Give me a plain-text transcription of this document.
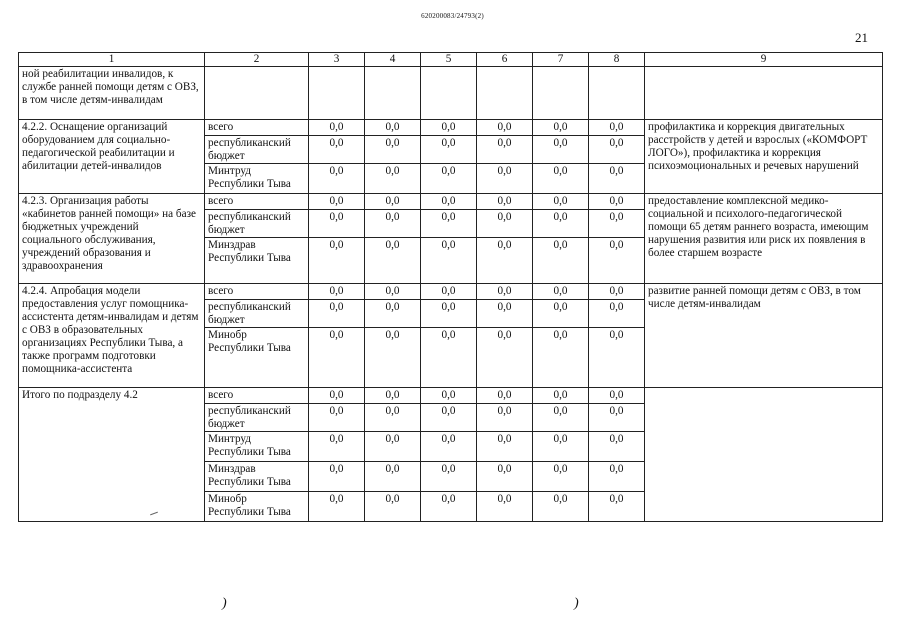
620200083/24793(2)
21
1	2	3	4	5	6	7	8	9
ной реабилитации инвалидов, к службе ранней помощи детям с ОВЗ, в том числе детям-инвалидам								
4.2.2. Оснащение организаций оборудованием для социально-педагогической реабилитации и абилитации детей-инвалидов	всего	0,0	0,0	0,0	0,0	0,0	0,0	профилактика и коррекция двигательных расстройств у детей и взрослых («КОМФОРТ ЛОГО»), профилактика и коррекция психоэмоциональных и речевых нарушений
	республиканский бюджет	0,0	0,0	0,0	0,0	0,0	0,0	
	Минтруд Республики Тыва	0,0	0,0	0,0	0,0	0,0	0,0	
4.2.3. Организация работы «кабинетов ранней помощи» на базе бюджетных учреждений социального обслуживания, учреждений образования и здравоохранения	всего	0,0	0,0	0,0	0,0	0,0	0,0	предоставление комплексной медико-социальной и психолого-педагогической помощи 65 детям раннего возраста, имеющим нарушения развития или риск их появления в более старшем возрасте
	республиканский бюджет	0,0	0,0	0,0	0,0	0,0	0,0	
	Минздрав Республики Тыва	0,0	0,0	0,0	0,0	0,0	0,0	
4.2.4. Апробация модели предоставления услуг помощника-ассистента детям-инвалидам и детям с ОВЗ в образовательных организациях Республики Тыва, а также программ подготовки помощника-ассистента	всего	0,0	0,0	0,0	0,0	0,0	0,0	развитие ранней помощи детям с ОВЗ, в том числе детям-инвалидам
	республиканский бюджет	0,0	0,0	0,0	0,0	0,0	0,0	
	Минобр Республики Тыва	0,0	0,0	0,0	0,0	0,0	0,0	
Итого по подразделу 4.2	всего	0,0	0,0	0,0	0,0	0,0	0,0	
	республиканский бюджет	0,0	0,0	0,0	0,0	0,0	0,0	
	Минтруд Республики Тыва	0,0	0,0	0,0	0,0	0,0	0,0	
	Минздрав Республики Тыва	0,0	0,0	0,0	0,0	0,0	0,0	
	Минобр Республики Тыва	0,0	0,0	0,0	0,0	0,0	0,0	
)	)
